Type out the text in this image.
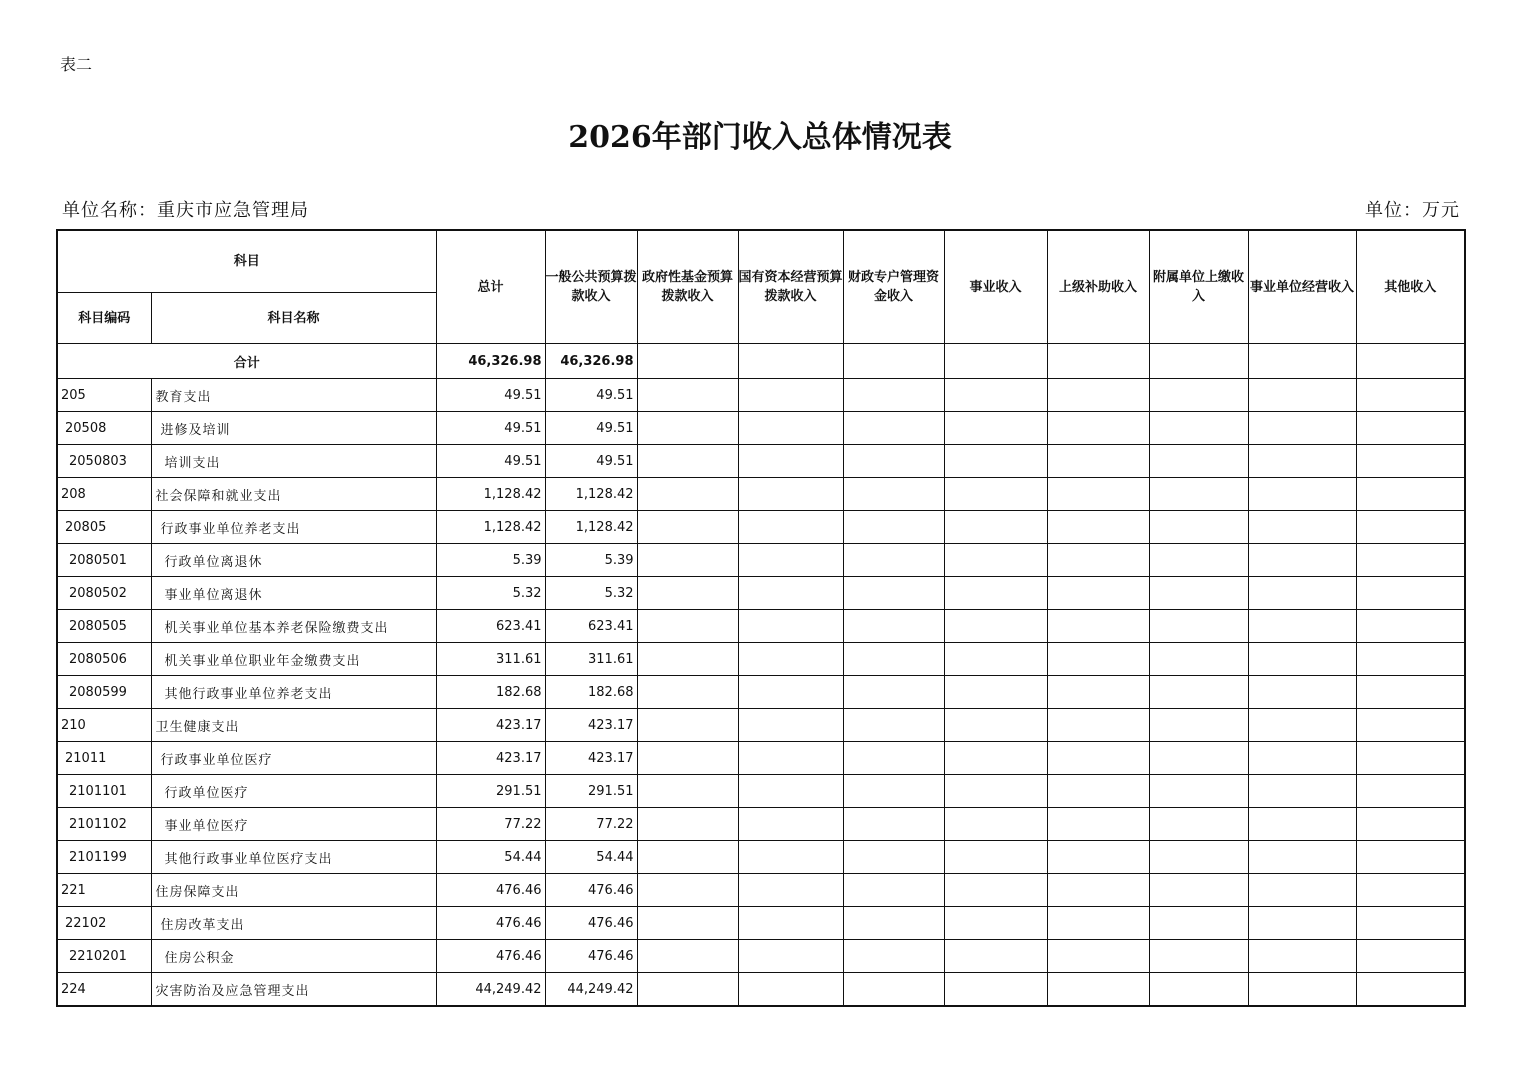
表二
2026年部门收入总体情况表
单位名称：重庆市应急管理局	单位：万元
科目		总计	一般公共预算拨款收入	政府性基金预算拨款收入	国有资本经营预算拨款收入	财政专户管理资金收入	事业收入	上级补助收入	附属单位上缴收入	事业单位经营收入	其他收入
科目编码	科目名称										
合计		46,326.98	46,326.98								
205	教育支出	49.51	49.51								
20508	进修及培训	49.51	49.51								
2050803	培训支出	49.51	49.51								
208	社会保障和就业支出	1,128.42	1,128.42								
20805	行政事业单位养老支出	1,128.42	1,128.42								
2080501	行政单位离退休	5.39	5.39								
2080502	事业单位离退休	5.32	5.32								
2080505	机关事业单位基本养老保险缴费支出	623.41	623.41								
2080506	机关事业单位职业年金缴费支出	311.61	311.61								
2080599	其他行政事业单位养老支出	182.68	182.68								
210	卫生健康支出	423.17	423.17								
21011	行政事业单位医疗	423.17	423.17								
2101101	行政单位医疗	291.51	291.51								
2101102	事业单位医疗	77.22	77.22								
2101199	其他行政事业单位医疗支出	54.44	54.44								
221	住房保障支出	476.46	476.46								
22102	住房改革支出	476.46	476.46								
2210201	住房公积金	476.46	476.46								
224	灾害防治及应急管理支出	44,249.42	44,249.42								
